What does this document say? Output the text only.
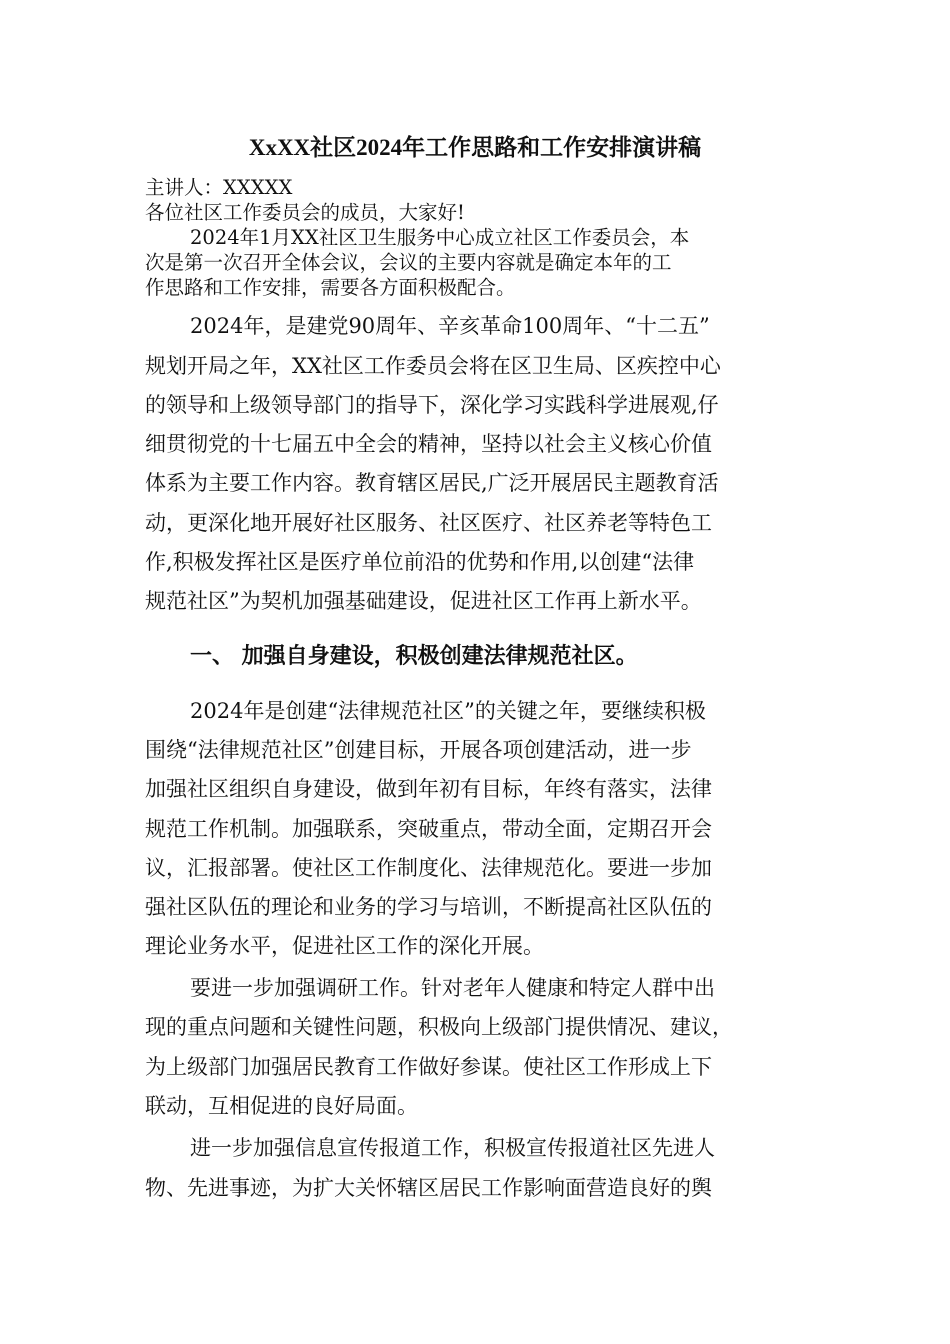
XxXX社区2024年工作思路和工作安排演讲稿
主讲人：XXXXX
各位社区工作委员会的成员，大家好!
2024年1月XX社区卫生服务中心成立社区工作委员会，本
次是第一次召开全体会议，会议的主要内容就是确定本年的工
作思路和工作安排，需要各方面积极配合。
2024年，是建党90周年、辛亥革命100周年、“十二五”
规划开局之年，XX社区工作委员会将在区卫生局、区疾控中心
的领导和上级领导部门的指导下，深化学习实践科学进展观,仔
细贯彻党的十七届五中全会的精神，坚持以社会主义核心价值
体系为主要工作内容。教育辖区居民,广泛开展居民主题教育活
动，更深化地开展好社区服务、社区医疗、社区养老等特色工
作,积极发挥社区是医疗单位前沿的优势和作用,以创建“法律
规范社区”为契机加强基础建设，促进社区工作再上新水平。
一、 加强自身建设，积极创建法律规范社区。
2024年是创建“法律规范社区”的关键之年，要继续积极
围绕“法律规范社区”创建目标，开展各项创建活动，进一步
加强社区组织自身建设，做到年初有目标，年终有落实，法律
规范工作机制。加强联系，突破重点，带动全面，定期召开会
议，汇报部署。使社区工作制度化、法律规范化。要进一步加
强社区队伍的理论和业务的学习与培训，不断提高社区队伍的
理论业务水平，促进社区工作的深化开展。
要进一步加强调研工作。针对老年人健康和特定人群中出
现的重点问题和关键性问题，积极向上级部门提供情况、建议，
为上级部门加强居民教育工作做好参谋。使社区工作形成上下
联动，互相促进的良好局面。
进一步加强信息宣传报道工作，积极宣传报道社区先进人
物、先进事迹，为扩大关怀辖区居民工作影响面营造良好的舆
